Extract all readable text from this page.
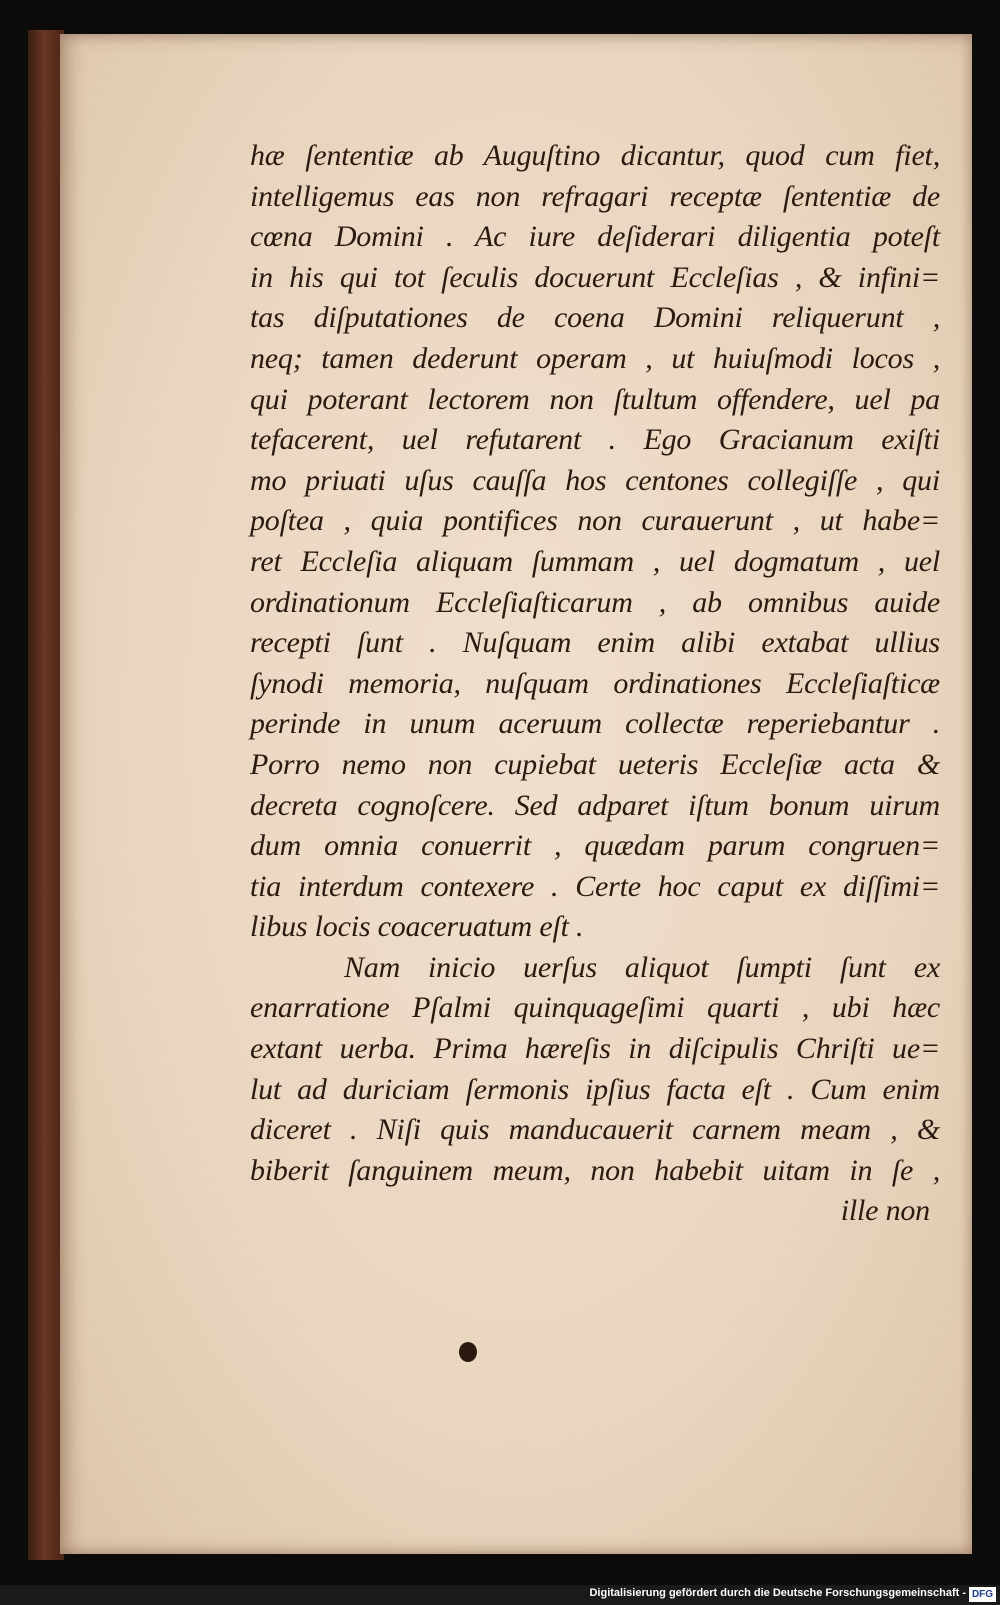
hæ ſententiæ ab Auguſtino dicantur, quod cum fiet,
intelligemus eas non refragari receptæ ſententiæ de
cœna Domini . Ac iure deſiderari diligentia poteſt
in his qui tot ſeculis docuerunt Eccleſias , & infini=
tas diſputationes de coena Domini reliquerunt ,
neq; tamen dederunt operam , ut huiuſmodi locos ,
qui poterant lectorem non ſtultum offendere, uel pa
tefacerent, uel refutarent . Ego Gracianum exiſti
mo priuati uſus cauſſa hos centones collegiſſe , qui
poſtea , quia pontifices non curauerunt , ut habe=
ret Eccleſia aliquam ſummam , uel dogmatum , uel
ordinationum Eccleſiaſticarum , ab omnibus auide
recepti ſunt . Nuſquam enim alibi extabat ullius
ſynodi memoria, nuſquam ordinationes Eccleſiaſticæ
perinde in unum aceruum collectæ reperiebantur .
Porro nemo non cupiebat ueteris Eccleſiæ acta &
decreta cognoſcere. Sed adparet iſtum bonum uirum
dum omnia conuerrit , quædam parum congruen=
tia interdum contexere . Certe hoc caput ex diſſimi=
libus locis coaceruatum eſt .
Nam inicio uerſus aliquot ſumpti ſunt ex
enarratione Pſalmi quinquageſimi quarti , ubi hæc
extant uerba. Prima hæreſis in diſcipulis Chriſti ue=
lut ad duriciam ſermonis ipſius facta eſt . Cum enim
diceret . Niſi quis manducauerit carnem meam , &
biberit ſanguinem meum, non habebit uitam in ſe ,
ille non
Digitalisierung gefördert durch die Deutsche Forschungsgemeinschaft - DFG
